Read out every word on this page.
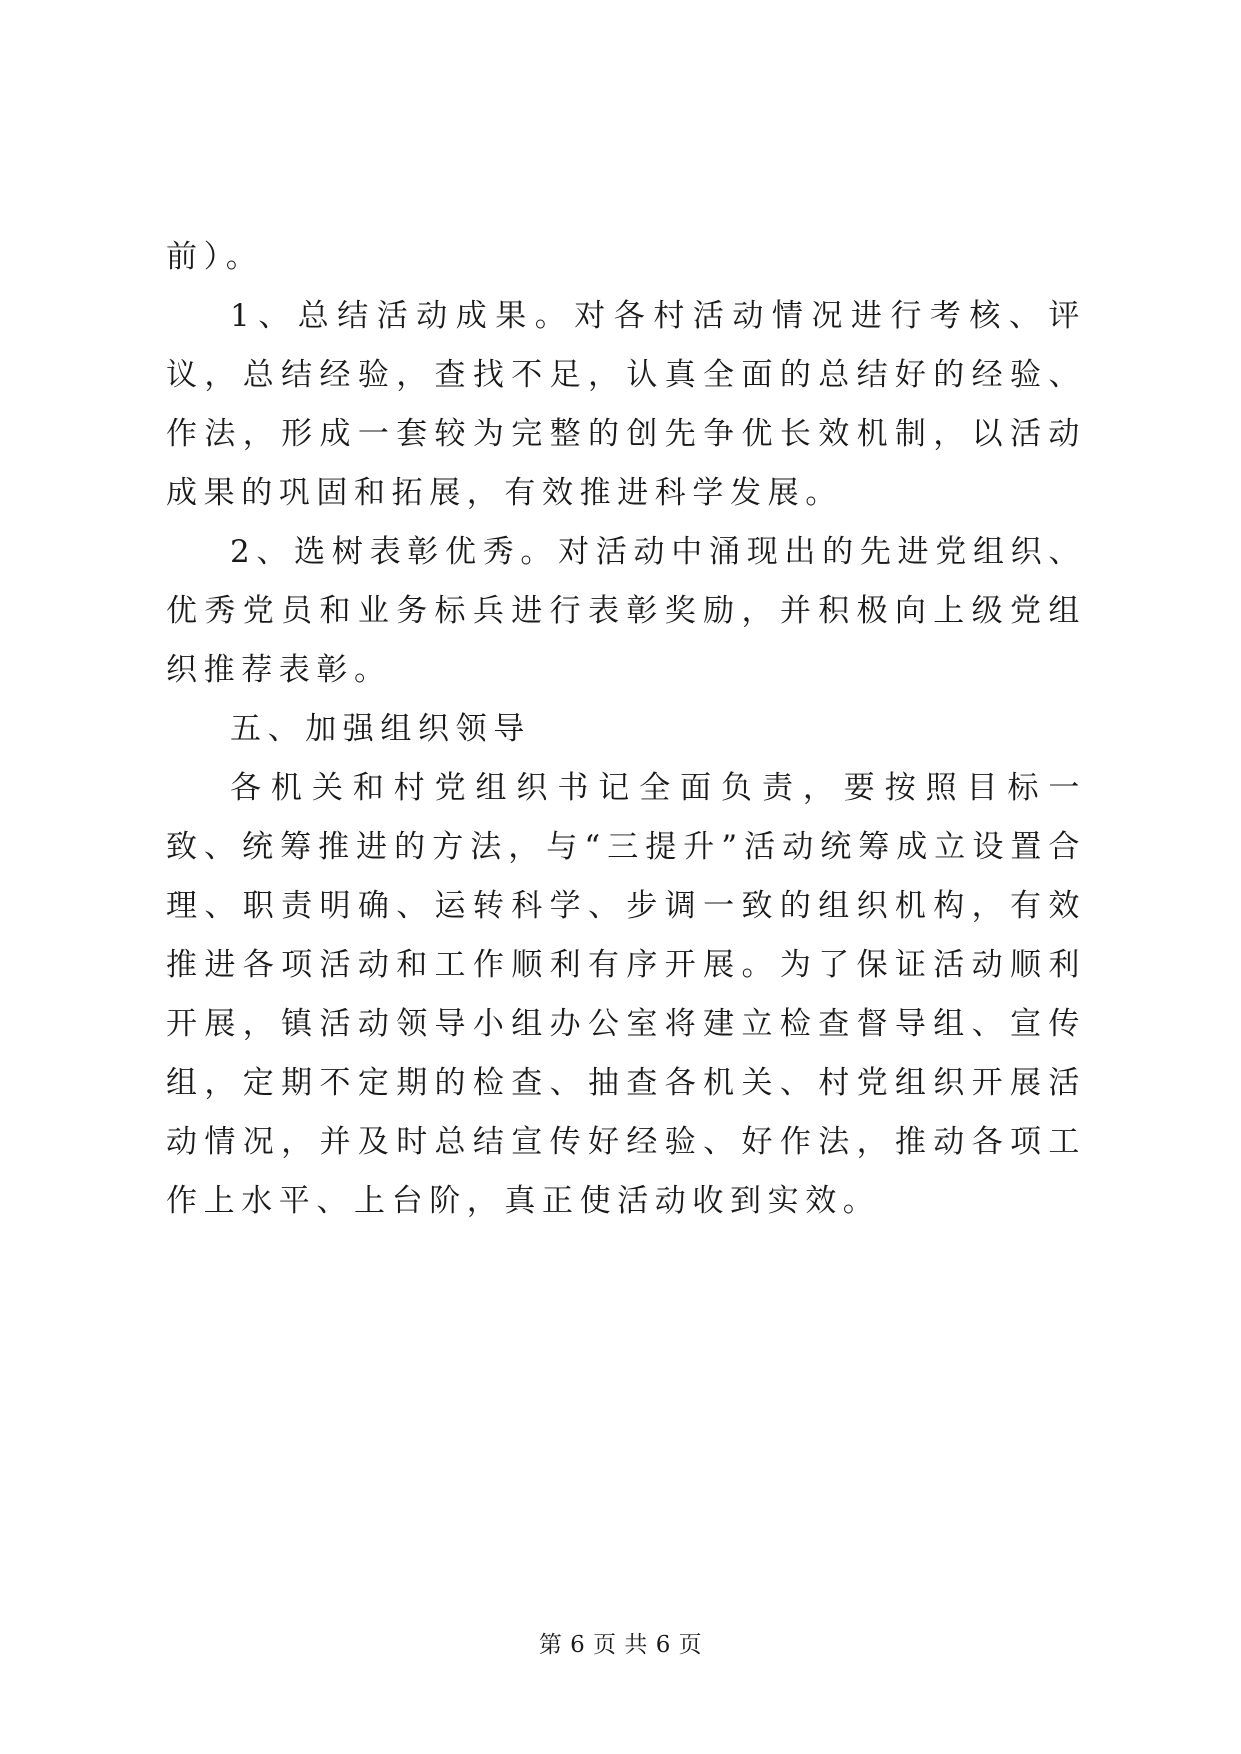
前）。

1、总结活动成果。对各村活动情况进行考核、评议，总结经验，查找不足，认真全面的总结好的经验、作法，形成一套较为完整的创先争优长效机制，以活动成果的巩固和拓展，有效推进科学发展。

2、选树表彰优秀。对活动中涌现出的先进党组织、优秀党员和业务标兵进行表彰奖励，并积极向上级党组织推荐表彰。

五、加强组织领导

各机关和村党组织书记全面负责，要按照目标一致、统筹推进的方法，与“三提升”活动统筹成立设置合理、职责明确、运转科学、步调一致的组织机构，有效推进各项活动和工作顺利有序开展。为了保证活动顺利开展，镇活动领导小组办公室将建立检查督导组、宣传组，定期不定期的检查、抽查各机关、村党组织开展活动情况，并及时总结宣传好经验、好作法，推动各项工作上水平、上台阶，真正使活动收到实效。

第 6 页 共 6 页
